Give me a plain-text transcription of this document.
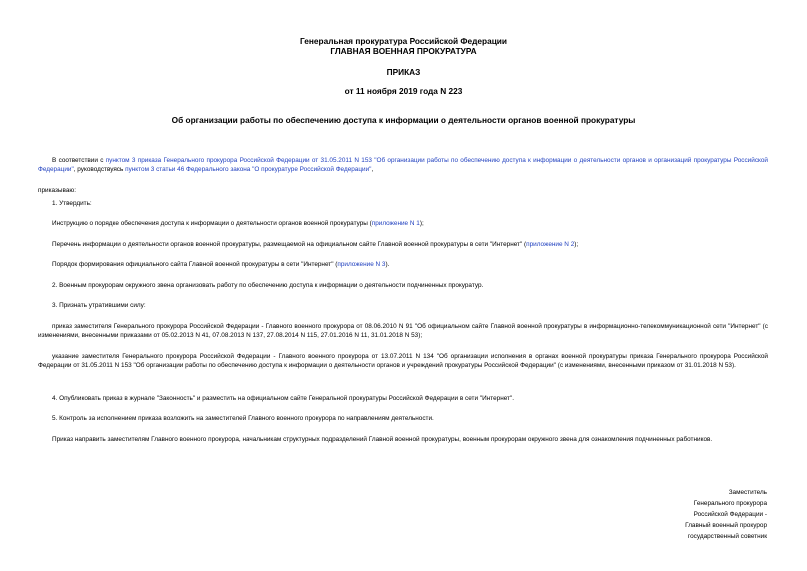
Генеральная прокуратура Российской Федерации
ГЛАВНАЯ ВОЕННАЯ ПРОКУРАТУРА
ПРИКАЗ
от 11 ноября 2019 года N 223
Об организации работы по обеспечению доступа к информации о деятельности органов военной прокуратуры
В соответствии с пунктом 3 приказа Генерального прокурора Российской Федерации от 31.05.2011 N 153 "Об организации работы по обеспечению доступа к информации о деятельности органов и организаций прокуратуры Российской Федерации", руководствуясь пунктом 3 статьи 46 Федерального закона "О прокуратуре Российской Федерации",
приказываю:
1. Утвердить:
Инструкцию о порядке обеспечения доступа к информации о деятельности органов военной прокуратуры (приложение N 1);
Перечень информации о деятельности органов военной прокуратуры, размещаемой на официальном сайте Главной военной прокуратуры в сети "Интернет" (приложение N 2);
Порядок формирования официального сайта Главной военной прокуратуры в сети "Интернет" (приложение N 3).
2. Военным прокурорам окружного звена организовать работу по обеспечению доступа к информации о деятельности подчиненных прокуратур.
3. Признать утратившими силу:
приказ заместителя Генерального прокурора Российской Федерации - Главного военного прокурора от 08.06.2010 N 91 "Об официальном сайте Главной военной прокуратуры в информационно-телекоммуникационной сети "Интернет" (с изменениями, внесенными приказами от 05.02.2013 N 41, 07.08.2013 N 137, 27.08.2014 N 115, 27.01.2016 N 11, 31.01.2018 N 53);
указание заместителя Генерального прокурора Российской Федерации - Главного военного прокурора от 13.07.2011 N 134 "Об организации исполнения в органах военной прокуратуры приказа Генерального прокурора Российской Федерации от 31.05.2011 N 153 "Об организации работы по обеспечению доступа к информации о деятельности органов и учреждений прокуратуры Российской Федерации" (с изменениями, внесенными приказом от 31.01.2018 N 53).
4. Опубликовать приказ в журнале "Законность" и разместить на официальном сайте Генеральной прокуратуры Российской Федерации в сети "Интернет".
5. Контроль за исполнением приказа возложить на заместителей Главного военного прокурора по направлениям деятельности.
Приказ направить заместителям Главного военного прокурора, начальникам структурных подразделений Главной военной прокуратуры, военным прокурорам окружного звена для ознакомления подчиненных работников.
Заместитель
Генерального прокурора
Российской Федерации -
Главный военный прокурор
государственный советник
